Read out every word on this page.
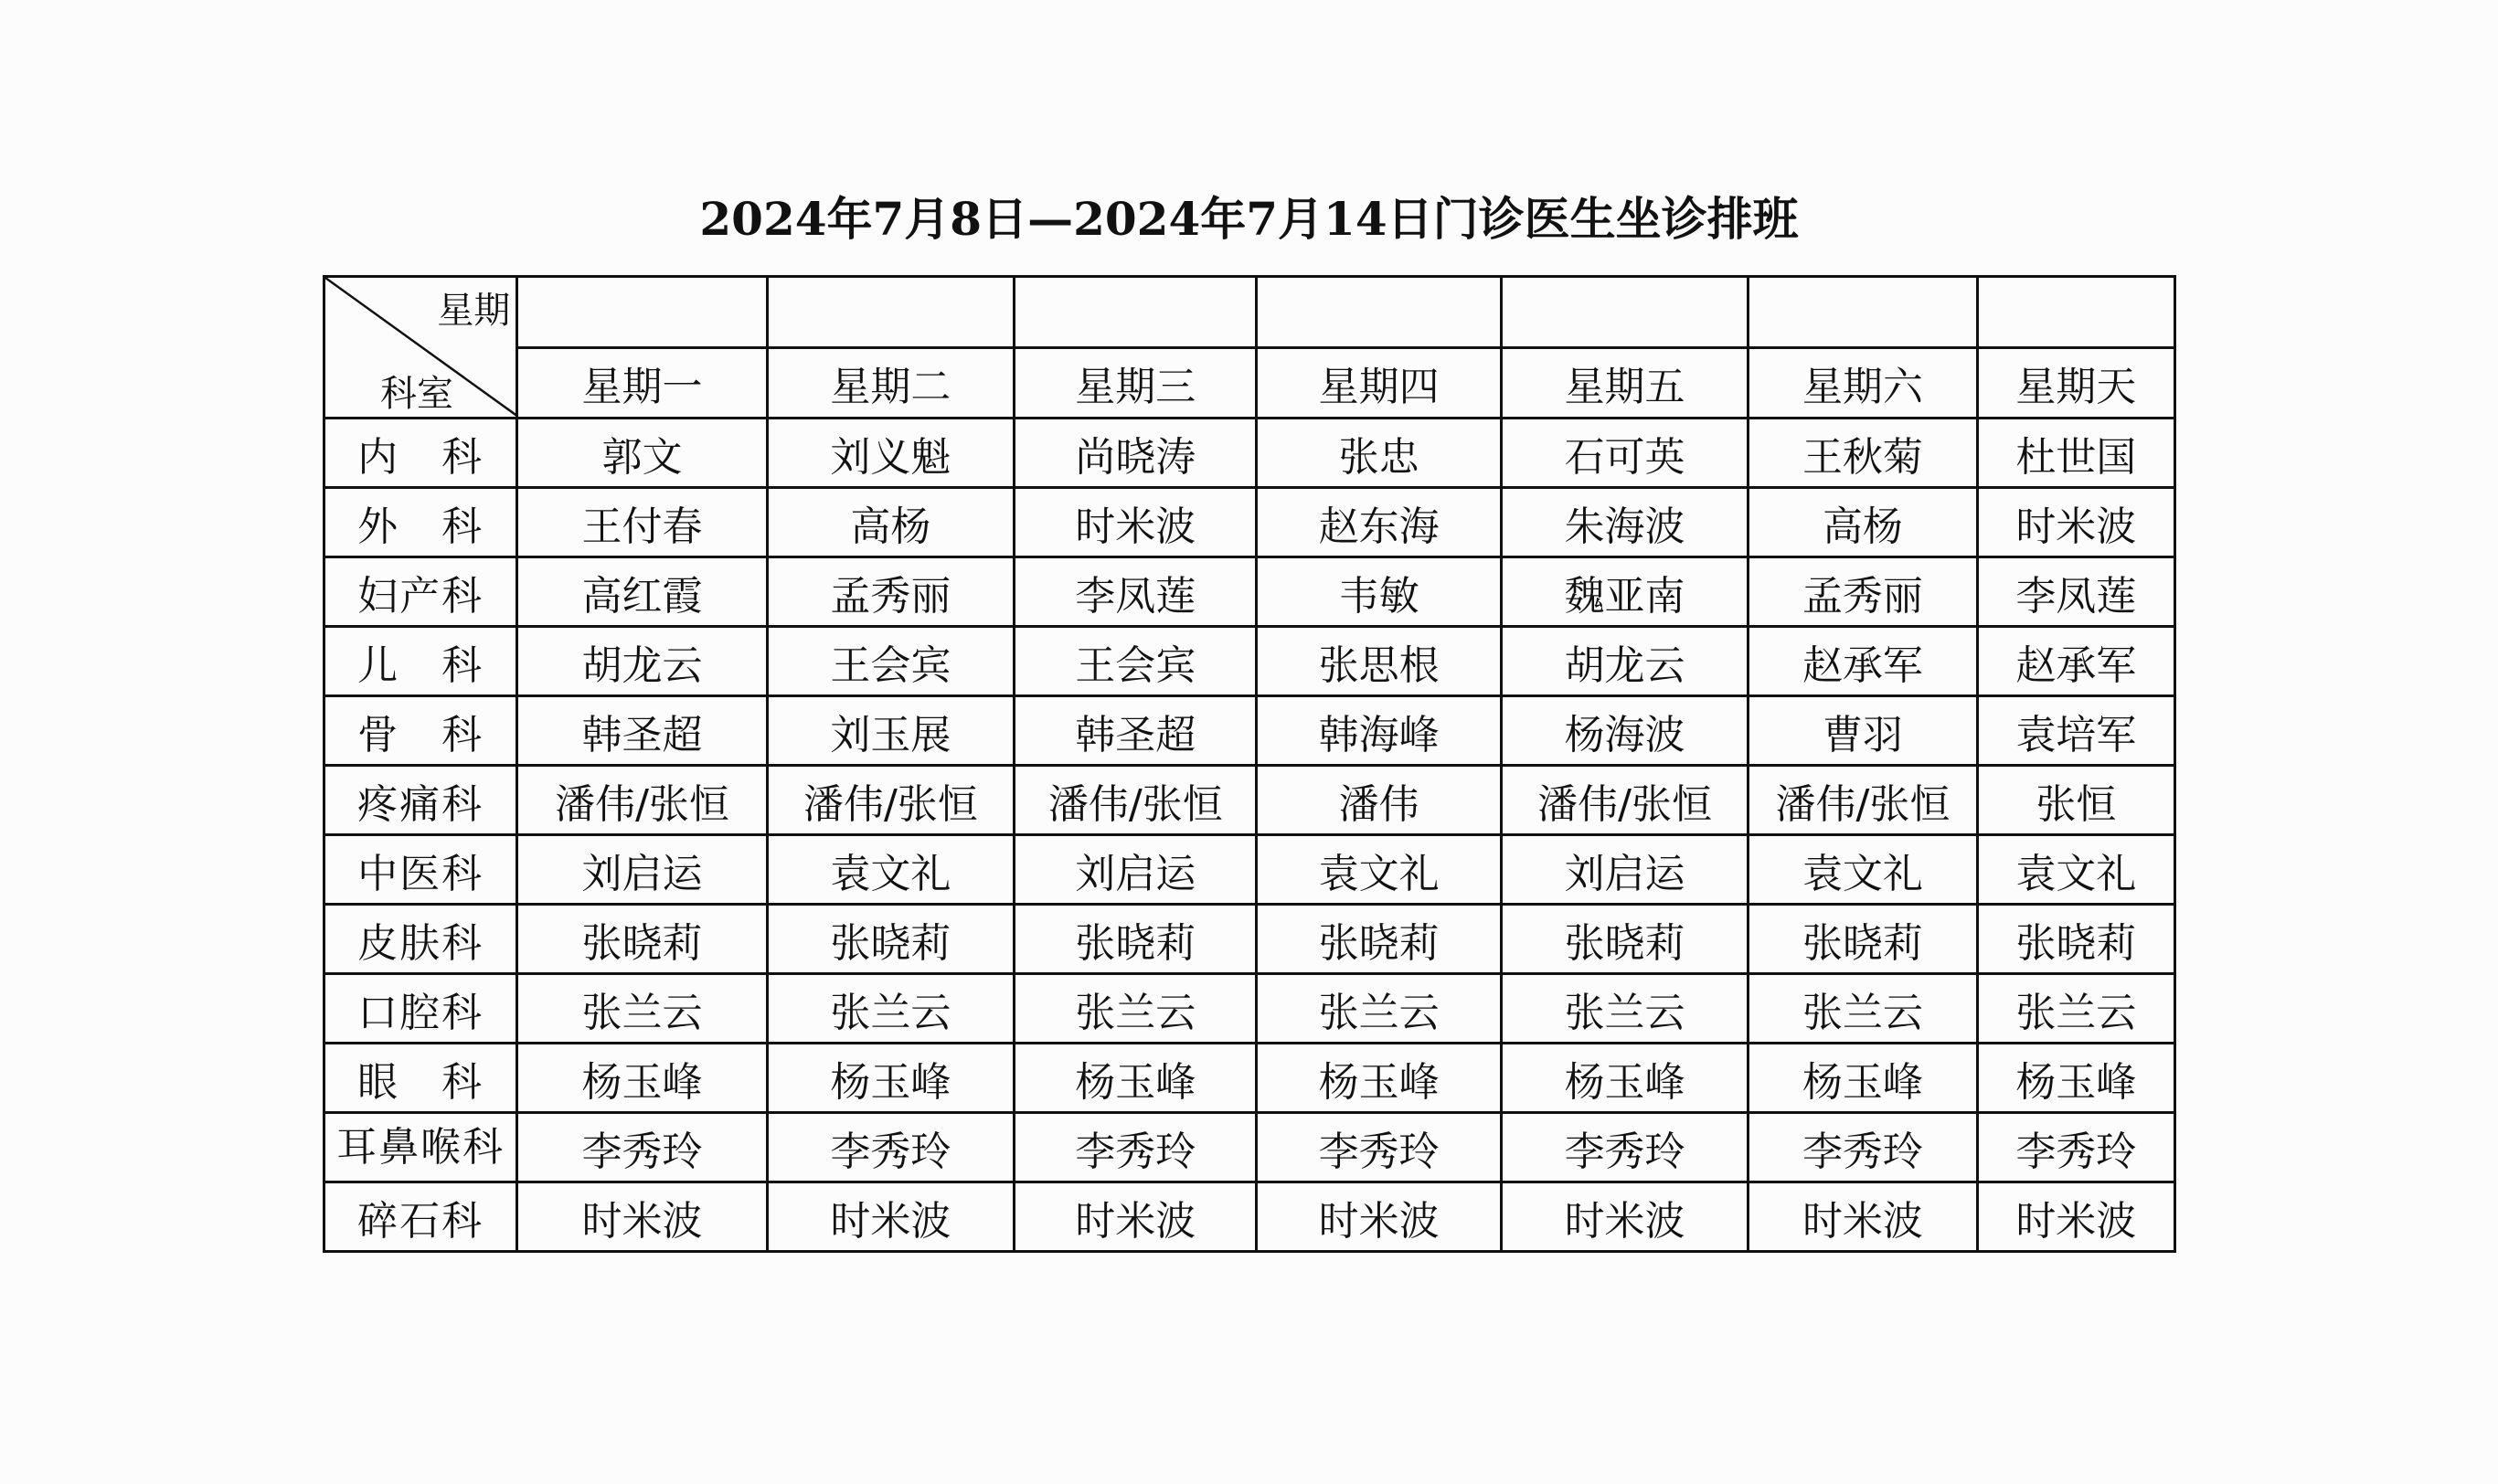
2024年7月8日—2024年7月14日门诊医生坐诊排班
星期
科室							

	星期一	星期二	星期三	星期四	星期五	星期六	星期天
内　科	郭文	刘义魁	尚晓涛	张忠	石可英	王秋菊	杜世国
外　科	王付春	高杨	时米波	赵东海	朱海波	高杨	时米波
妇产科	高红霞	孟秀丽	李凤莲	韦敏	魏亚南	孟秀丽	李凤莲
儿　科	胡龙云	王会宾	王会宾	张思根	胡龙云	赵承军	赵承军
骨　科	韩圣超	刘玉展	韩圣超	韩海峰	杨海波	曹羽	袁培军
疼痛科	潘伟/张恒	潘伟/张恒	潘伟/张恒	潘伟	潘伟/张恒	潘伟/张恒	张恒
中医科	刘启运	袁文礼	刘启运	袁文礼	刘启运	袁文礼	袁文礼
皮肤科	张晓莉	张晓莉	张晓莉	张晓莉	张晓莉	张晓莉	张晓莉
口腔科	张兰云	张兰云	张兰云	张兰云	张兰云	张兰云	张兰云
眼　科	杨玉峰	杨玉峰	杨玉峰	杨玉峰	杨玉峰	杨玉峰	杨玉峰
耳鼻喉科	李秀玲	李秀玲	李秀玲	李秀玲	李秀玲	李秀玲	李秀玲
碎石科	时米波	时米波	时米波	时米波	时米波	时米波	时米波
